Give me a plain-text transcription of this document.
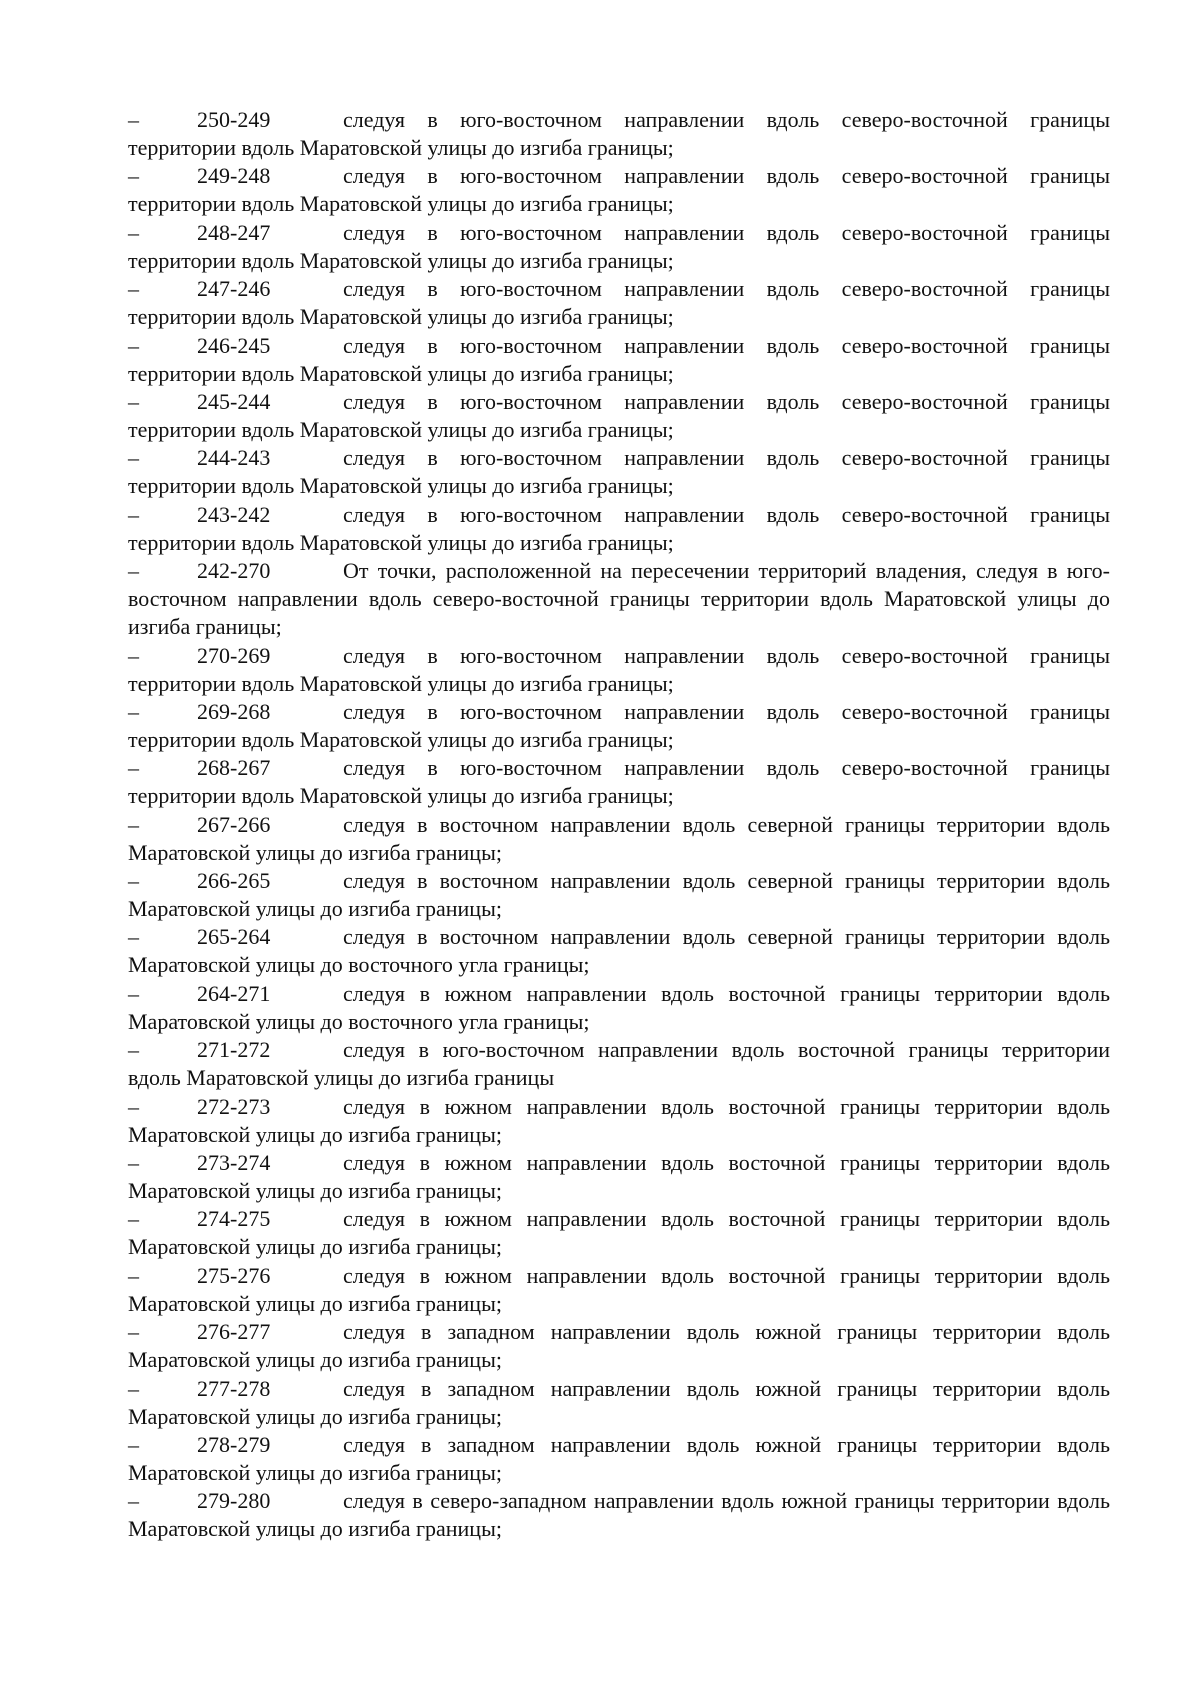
–	250-249	следуя в юго-восточном направлении вдоль северо-восточной границы территории вдоль Маратовской улицы до изгиба границы;

–	249-248	следуя в юго-восточном направлении вдоль северо-восточной границы территории вдоль Маратовской улицы до изгиба границы;

–	248-247	следуя в юго-восточном направлении вдоль северо-восточной границы территории вдоль Маратовской улицы до изгиба границы;

–	247-246	следуя в юго-восточном направлении вдоль северо-восточной границы территории вдоль Маратовской улицы до изгиба границы;

–	246-245	следуя в юго-восточном направлении вдоль северо-восточной границы территории вдоль Маратовской улицы до изгиба границы;

–	245-244	следуя в юго-восточном направлении вдоль северо-восточной границы территории вдоль Маратовской улицы до изгиба границы;

–	244-243	следуя в юго-восточном направлении вдоль северо-восточной границы территории вдоль Маратовской улицы до изгиба границы;

–	243-242	следуя в юго-восточном направлении вдоль северо-восточной границы территории вдоль Маратовской улицы до изгиба границы;

–	242-270	От точки, расположенной на пересечении территорий владения, следуя в юго-восточном направлении вдоль северо-восточной границы территории вдоль Маратовской улицы до изгиба границы;

–	270-269	следуя в юго-восточном направлении вдоль северо-восточной границы территории вдоль Маратовской улицы до изгиба границы;

–	269-268	следуя в юго-восточном направлении вдоль северо-восточной границы территории вдоль Маратовской улицы до изгиба границы;

–	268-267	следуя в юго-восточном направлении вдоль северо-восточной границы территории вдоль Маратовской улицы до изгиба границы;

–	267-266	следуя в восточном направлении вдоль северной границы территории вдоль Маратовской улицы до изгиба границы;

–	266-265	следуя в восточном направлении вдоль северной границы территории вдоль Маратовской улицы до изгиба границы;

–	265-264	следуя в восточном направлении вдоль северной границы территории вдоль Маратовской улицы до восточного угла границы;

–	264-271	следуя в южном направлении вдоль восточной границы территории вдоль Маратовской улицы до восточного угла границы;

–	271-272	следуя в юго-восточном направлении вдоль восточной границы территории вдоль Маратовской улицы до изгиба границы

–	272-273	следуя в южном направлении вдоль восточной границы территории вдоль Маратовской улицы до изгиба границы;

–	273-274	следуя в южном направлении вдоль восточной границы территории вдоль Маратовской улицы до изгиба границы;

–	274-275	следуя в южном направлении вдоль восточной границы территории вдоль Маратовской улицы до изгиба границы;

–	275-276	следуя в южном направлении вдоль восточной границы территории вдоль Маратовской улицы до изгиба границы;

–	276-277	следуя в западном направлении вдоль южной границы территории вдоль Маратовской улицы до изгиба границы;

–	277-278	следуя в западном направлении вдоль южной границы территории вдоль Маратовской улицы до изгиба границы;

–	278-279	следуя в западном направлении вдоль южной границы территории вдоль Маратовской улицы до изгиба границы;

–	279-280	следуя в северо-западном направлении вдоль южной границы территории вдоль Маратовской улицы до изгиба границы;
